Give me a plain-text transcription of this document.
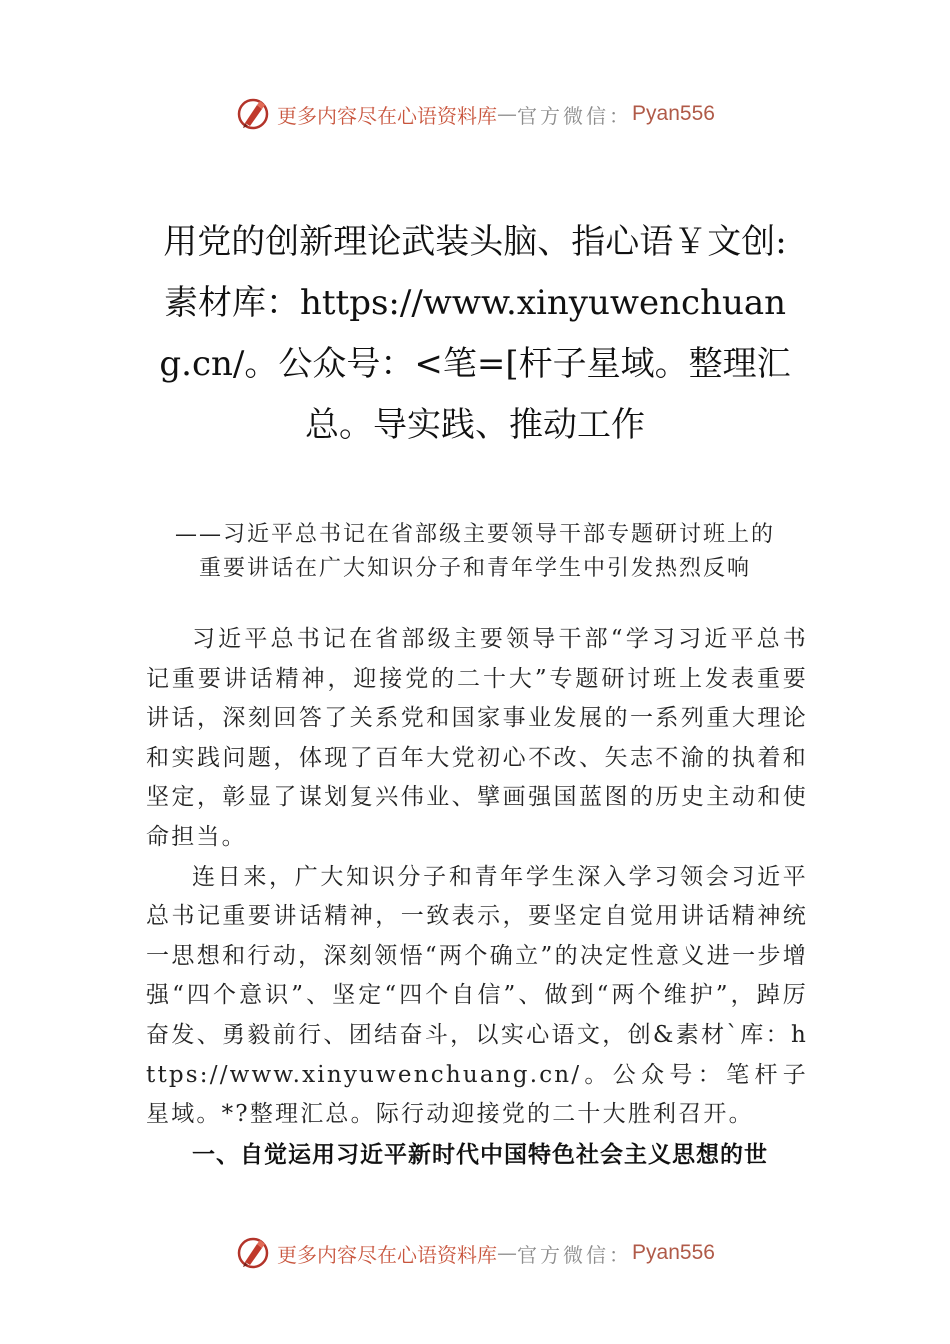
更多内容尽在心语资料库 — 官方微信： Pyan556
用党的创新理论武装头脑、指心语￥文创:素材库：https://www.xinyuwenchuang.cn/。公众号：<笔=[杆子星域。整理汇总。导实践、推动工作
——习近平总书记在省部级主要领导干部专题研讨班上的
重要讲话在广大知识分子和青年学生中引发热烈反响

习近平总书记在省部级主要领导干部“学习习近平总书记重要讲话精神，迎接党的二十大”专题研讨班上发表重要讲话，深刻回答了关系党和国家事业发展的一系列重大理论和实践问题，体现了百年大党初心不改、矢志不渝的执着和坚定，彰显了谋划复兴伟业、擘画强国蓝图的历史主动和使命担当。

连日来，广大知识分子和青年学生深入学习领会习近平总书记重要讲话精神，一致表示，要坚定自觉用讲话精神统一思想和行动，深刻领悟“两个确立”的决定性意义进一步增强“四个意识”、坚定“四个自信”、做到“两个维护”，踔厉奋发、勇毅前行、团结奋斗，以实心语文，创&素材`库：https://www.xinyuwenchuang.cn/。公众号：笔杆子星域。*?整理汇总。际行动迎接党的二十大胜利召开。

一、自觉运用习近平新时代中国特色社会主义思想的世

更多内容尽在心语资料库 — 官方微信： Pyan556
